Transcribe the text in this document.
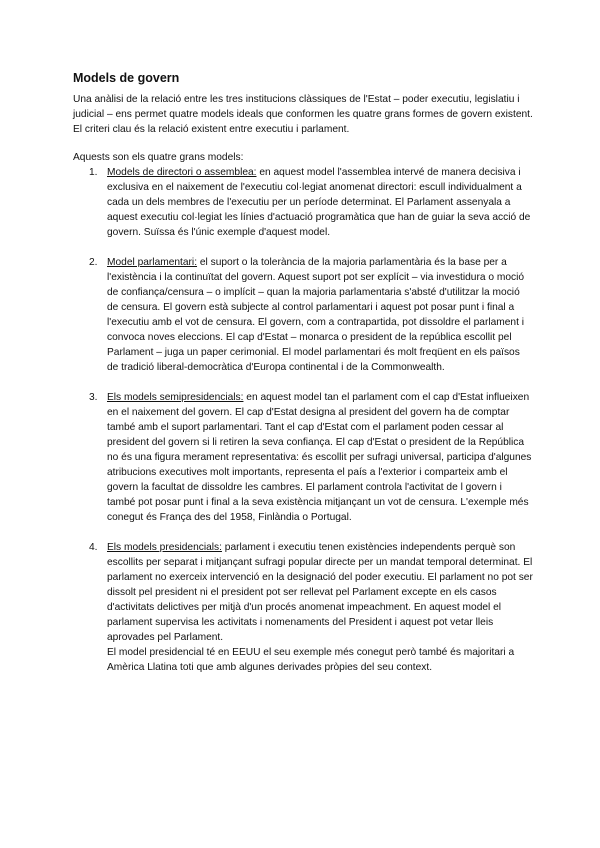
Models de govern

Una anàlisi de la relació entre les tres institucions clàssiques de l'Estat – poder executiu, legislatiu i judicial – ens permet quatre models ideals que conformen les quatre grans formes de govern existent. El criteri clau és la relació existent entre executiu i parlament.

Aquests son els quatre grans models:

1. Models de directori o assemblea: en aquest model l'assemblea intervé de manera decisiva i exclusiva en el naixement de l'executiu col·legiat anomenat directori: escull individualment a cada un dels membres de l'executiu per un període determinat. El Parlament assenyala a aquest executiu col·legiat les línies d'actuació programàtica que han de guiar la seva acció de govern. Suïssa és l'únic exemple d'aquest model.
2. Model parlamentari: el suport o la tolerància de la majoria parlamentària és la base per a l'existència i la continuïtat del govern. Aquest suport pot ser explícit – via investidura o moció de confiança/censura – o implícit – quan la majoria parlamentaria s'absté d'utilitzar la moció de censura. El govern està subjecte al control parlamentari i aquest pot posar punt i final a l'executiu amb el vot de censura. El govern, com a contrapartida, pot dissoldre el parlament i convoca noves eleccions. El cap d'Estat – monarca o president de la república escollit pel Parlament – juga un paper cerimonial. El model parlamentari és molt freqüent en els països de tradició liberal-democràtica d'Europa continental i de la Commonwealth.
3. Els models semipresidencials: en aquest model tan el parlament com el cap d'Estat influeixen en el naixement del govern. El cap d'Estat designa al president del govern ha de comptar també amb el suport parlamentari. Tant el cap d'Estat com el parlament poden cessar al president del govern si li retiren la seva confiança. El cap d'Estat o president de la República no és una figura merament representativa: és escollit per sufragi universal, participa d'algunes atribucions executives molt importants, representa el país a l'exterior i comparteix amb el govern la facultat de dissoldre les cambres. El parlament controla l'activitat de l govern i també pot posar punt i final a la seva existència mitjançant un vot de censura. L'exemple més conegut és França des del 1958, Finlàndia o Portugal.
4. Els models presidencials: parlament i executiu tenen existències independents perquè son escollits per separat i mitjançant sufragi popular directe per un mandat temporal determinat. El parlament no exerceix intervenció en la designació del poder executiu. El parlament no pot ser dissolt pel president ni el president pot ser rellevat pel Parlament excepte en els casos d'activitats delictives per mitjà d'un procés anomenat impeachment. En aquest model el parlament supervisa les activitats i nomenaments del President i aquest pot vetar lleis aprovades pel Parlament.
El model presidencial té en EEUU el seu exemple més conegut però també és majoritari a Amèrica Llatina toti que amb algunes derivades pròpies del seu context.
